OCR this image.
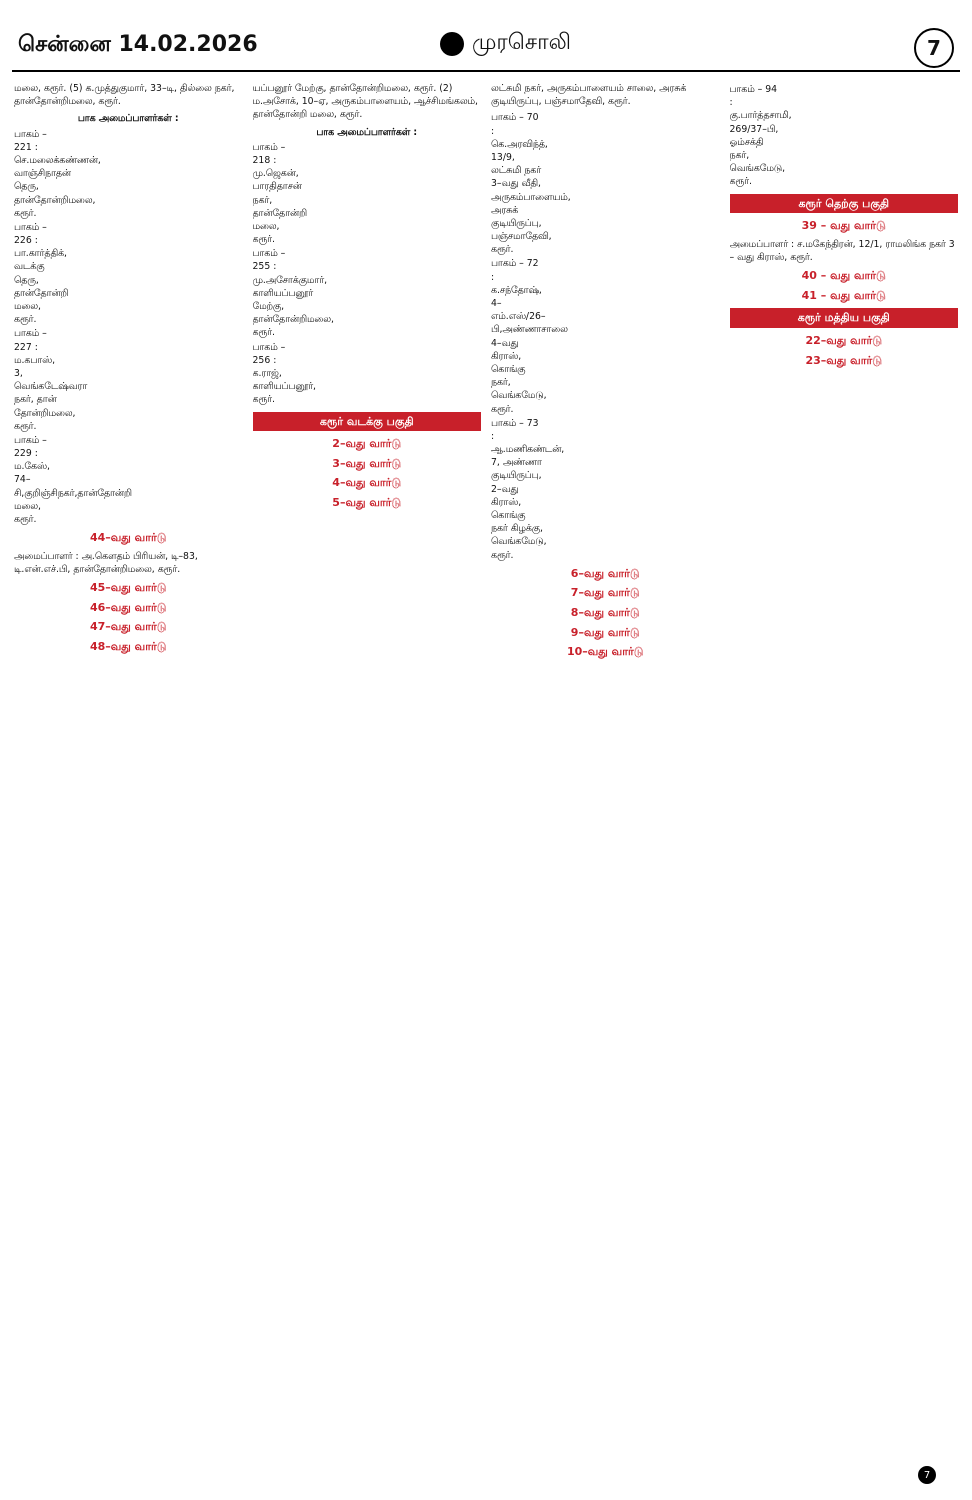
சென்னை 14.02.2026	முரசொலி	7

மலை, கரூர். (5) க.முத்துகுமார், 33–டி, தில்லை நகர், தான்தோன்றிமலை, கரூர்.

பாக அமைப்பாளர்கள் :
பாகம் – 221 : செ.மலைக்கண்ணன், வாஞ்சிநாதன் தெரு, தான்தோன்றிமலை, கரூர்.
பாகம் – 226 : பா.கார்த்திக், வடக்கு தெரு, தான்தோன்றி மலை, கரூர்.
பாகம் – 227 : ம.கபாஸ், 3, வெங்கடேஷ்வரா நகர், தான் தோன்றிமலை, கரூர்.
பாகம் – 229 : ம.கேஸ், 74–சி,குறிஞ்சிநகர்,தான்தோன்றி மலை, கரூர்.
44–வது வார்டு

அமைப்பாளர் : அ.கௌதம் பிரியன், டி–83, டி.என்.எச்.பி, தான்தோன்றிமலை, கரூர்.

45–வது வார்டு
46–வது வார்டு
47–வது வார்டு
48–வது வார்டு

யப்பனூர் மேற்கு, தான்தோன்றிமலை, கரூர். (2) ம.அசோக், 10–ஏ, அருகம்பாளையம், ஆச்சிமங்கலம், தான்தோன்றி மலை, கரூர்.

பாக அமைப்பாளர்கள் :
பாகம் – 218 : மு.ஜெகன், பாரதிதாசன் நகர், தான்தோன்றி மலை, கரூர்.
பாகம் – 255 : மு.அசோக்குமார், காளியப்பனூர் மேற்கு, தான்தோன்றிமலை, கரூர்.
பாகம் – 256 : க.ராஜ், காளியப்பனூர், கரூர்.
கரூர் வடக்கு பகுதி
2–வது வார்டு
3–வது வார்டு
4–வது வார்டு
5–வது வார்டு

லட்சுமி நகர், அருகம்பாளையம் சாலை, அரசுக் குடியிருப்பு, பஞ்சமாதேவி, கரூர்.

பாகம் – 70 : கெ.அரவிந்த், 13/9, லட்சுமி நகர் 3–வது வீதி, அருகம்பாளையம், அரசுக் குடியிருப்பு, பஞ்சமாதேவி, கரூர்.
பாகம் – 72 : க.சந்தோஷ், 4–எம்.எஸ்/26–பி,அண்ணாசாலை 4–வது கிராஸ், கொங்கு நகர், வெங்கமேடு, கரூர்.
பாகம் – 73 : ஆ.மணிகண்டன், 7, அண்ணா குடியிருப்பு, 2–வது கிராஸ், கொங்கு நகர் கிழக்கு, வெங்கமேடு, கரூர்.
6–வது வார்டு
7–வது வார்டு
8–வது வார்டு
9–வது வார்டு
10–வது வார்டு
பாகம் – 94 : கு.பார்த்தசாமி, 269/37–பி, ஓம்சக்தி நகர், வெங்கமேடு, கரூர்.
கரூர் தெற்கு பகுதி
39 – வது வார்டு

அமைப்பாளர் : ச.மகேந்திரன், 12/1, ராமலிங்க நகர் 3 – வது கிராஸ், கரூர்.

40 – வது வார்டு
41 – வது வார்டு
கரூர் மத்திய பகுதி
22–வது வார்டு
23–வது வார்டு
7
